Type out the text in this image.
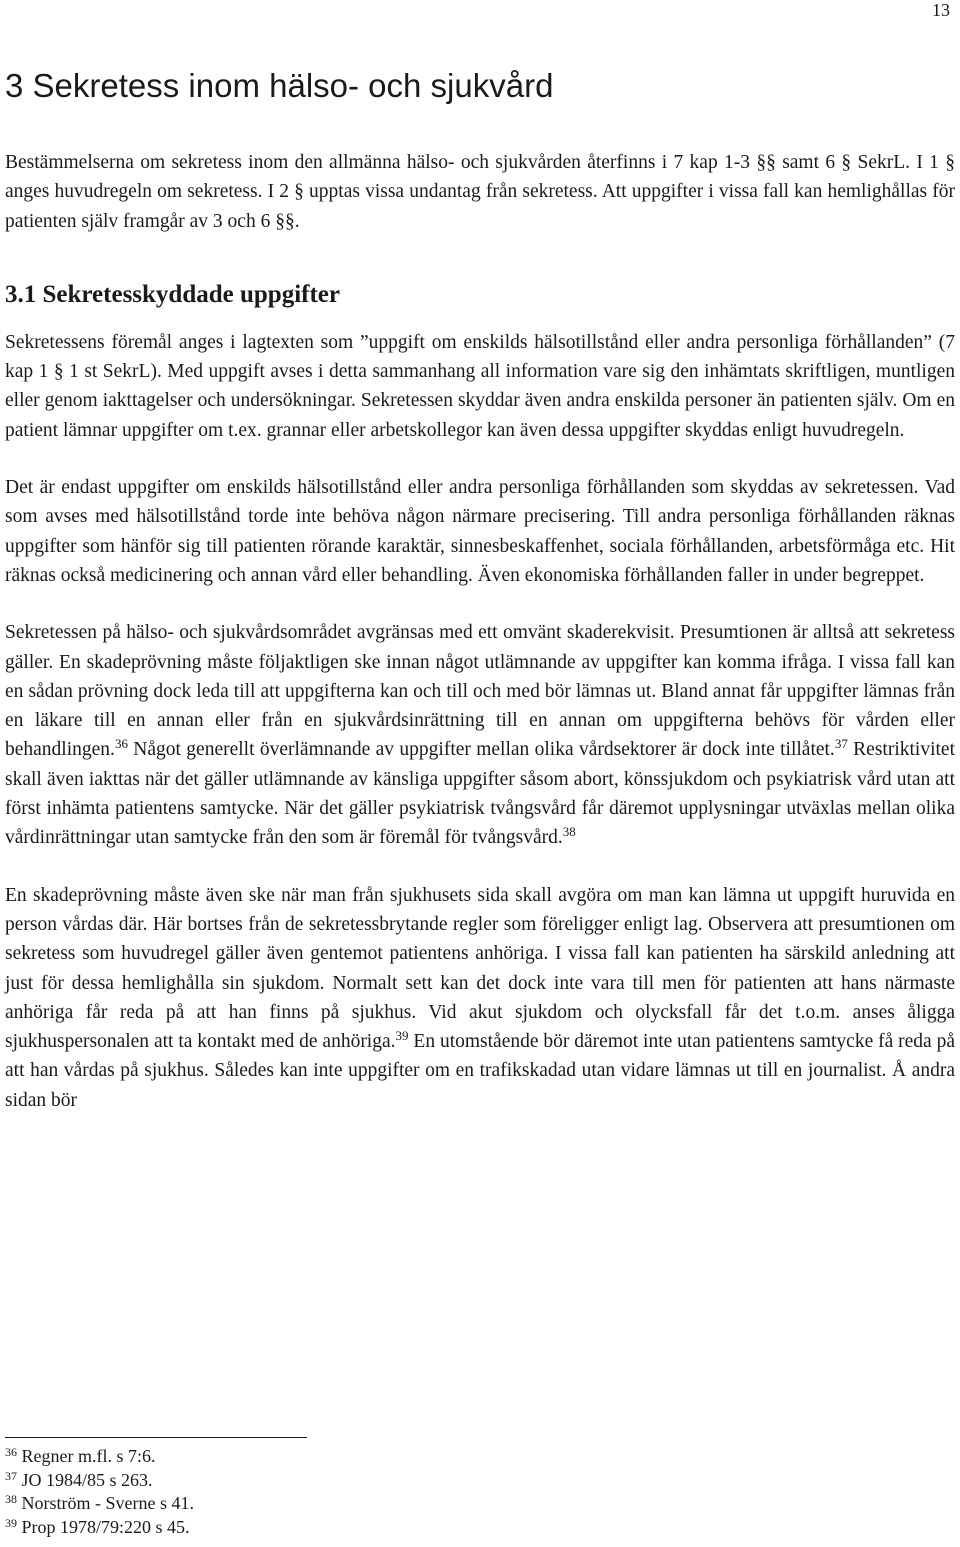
13
3 Sekretess inom hälso- och sjukvård

Bestämmelserna om sekretess inom den allmänna hälso- och sjukvården återfinns i 7 kap 1-3 §§ samt 6 § SekrL. I 1 § anges huvudregeln om sekretess. I 2 § upptas vissa undantag från sekretess. Att uppgifter i vissa fall kan hemlighållas för patienten själv framgår av 3 och 6 §§.

3.1 Sekretesskyddade uppgifter

Sekretessens föremål anges i lagtexten som ”uppgift om enskilds hälsotillstånd eller andra personliga förhållanden” (7 kap 1 § 1 st SekrL). Med uppgift avses i detta sammanhang all information vare sig den inhämtats skriftligen, muntligen eller genom iakttagelser och undersökningar. Sekretessen skyddar även andra enskilda personer än patienten själv. Om en patient lämnar uppgifter om t.ex. grannar eller arbetskollegor kan även dessa uppgifter skyddas enligt huvudregeln.

Det är endast uppgifter om enskilds hälsotillstånd eller andra personliga förhållanden som skyddas av sekretessen. Vad som avses med hälsotillstånd torde inte behöva någon närmare precisering. Till andra personliga förhållanden räknas uppgifter som hänför sig till patienten rörande karaktär, sinnesbeskaffenhet, sociala förhållanden, arbetsförmåga etc. Hit räknas också medicinering och annan vård eller behandling. Även ekonomiska förhållanden faller in under begreppet.

Sekretessen på hälso- och sjukvårdsområdet avgränsas med ett omvänt skaderekvisit. Presumtionen är alltså att sekretess gäller. En skadeprövning måste följaktligen ske innan något utlämnande av uppgifter kan komma ifråga. I vissa fall kan en sådan prövning dock leda till att uppgifterna kan och till och med bör lämnas ut. Bland annat får uppgifter lämnas från en läkare till en annan eller från en sjukvårdsinrättning till en annan om uppgifterna behövs för vården eller behandlingen.$^{36}$ Något generellt överlämnande av uppgifter mellan olika vårdsektorer är dock inte tillåtet.$^{37}$ Restriktivitet skall även iakttas när det gäller utlämnande av känsliga uppgifter såsom abort, könssjukdom och psykiatrisk vård utan att först inhämta patientens samtycke. När det gäller psykiatrisk tvångsvård får däremot upplysningar utväxlas mellan olika vårdinrättningar utan samtycke från den som är föremål för tvångsvård.$^{38}$

En skadeprövning måste även ske när man från sjukhusets sida skall avgöra om man kan lämna ut uppgift huruvida en person vårdas där. Här bortses från de sekretessbrytande regler som föreligger enligt lag. Observera att presumtionen om sekretess som huvudregel gäller även gentemot patientens anhöriga. I vissa fall kan patienten ha särskild anledning att just för dessa hemlighålla sin sjukdom. Normalt sett kan det dock inte vara till men för patienten att hans närmaste anhöriga får reda på att han finns på sjukhus. Vid akut sjukdom och olycksfall får det t.o.m. anses åligga sjukhuspersonalen att ta kontakt med de anhöriga.$^{39}$ En utomstående bör däremot inte utan patientens samtycke få reda på att han vårdas på sjukhus. Således kan inte uppgifter om en trafikskadad utan vidare lämnas ut till en journalist. Å andra sidan bör

$^{36}$ Regner m.fl. s 7:6.
$^{37}$ JO 1984/85 s 263.
$^{38}$ Norström - Sverne s 41.
$^{39}$ Prop 1978/79:220 s 45.
